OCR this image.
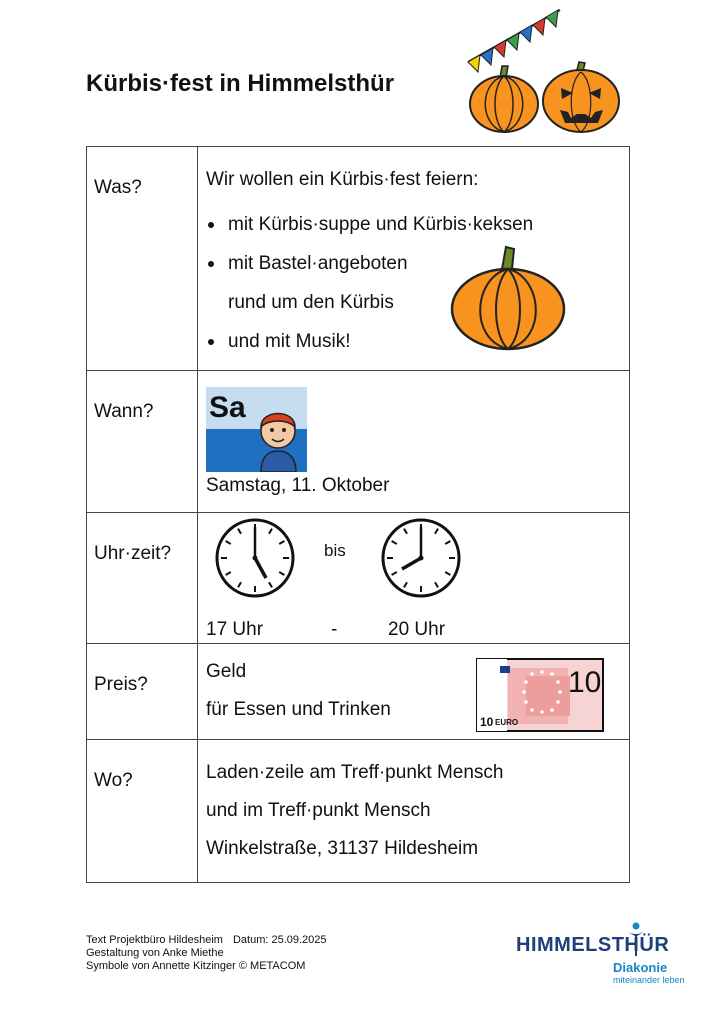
Kürbis·fest in Himmelsthür
Was?	Wir wollen ein Kürbis·fest feiern:
mit Kürbis·suppe und Kürbis·keksen
mit Bastel·angeboten
rund um den Kürbis
und mit Musik!

Wann?	Sa
Samstag, 11. Oktober

Uhr·zeit?	bis
17 Uhr - 20 Uhr

Preis?	Geld
für Essen und Trinken
10
10 EURO

Wo?	Laden·zeile am Treff·punkt Mensch
und im Treff·punkt Mensch
Winkelstraße, 31137 Hildesheim
Text Projektbüro Hildesheim Datum: 25.09.2025
Gestaltung von Anke Miethe
Symbole von Annette Kitzinger © METACOM
HIMMELSTHÜR
Diakonie
miteinander leben
